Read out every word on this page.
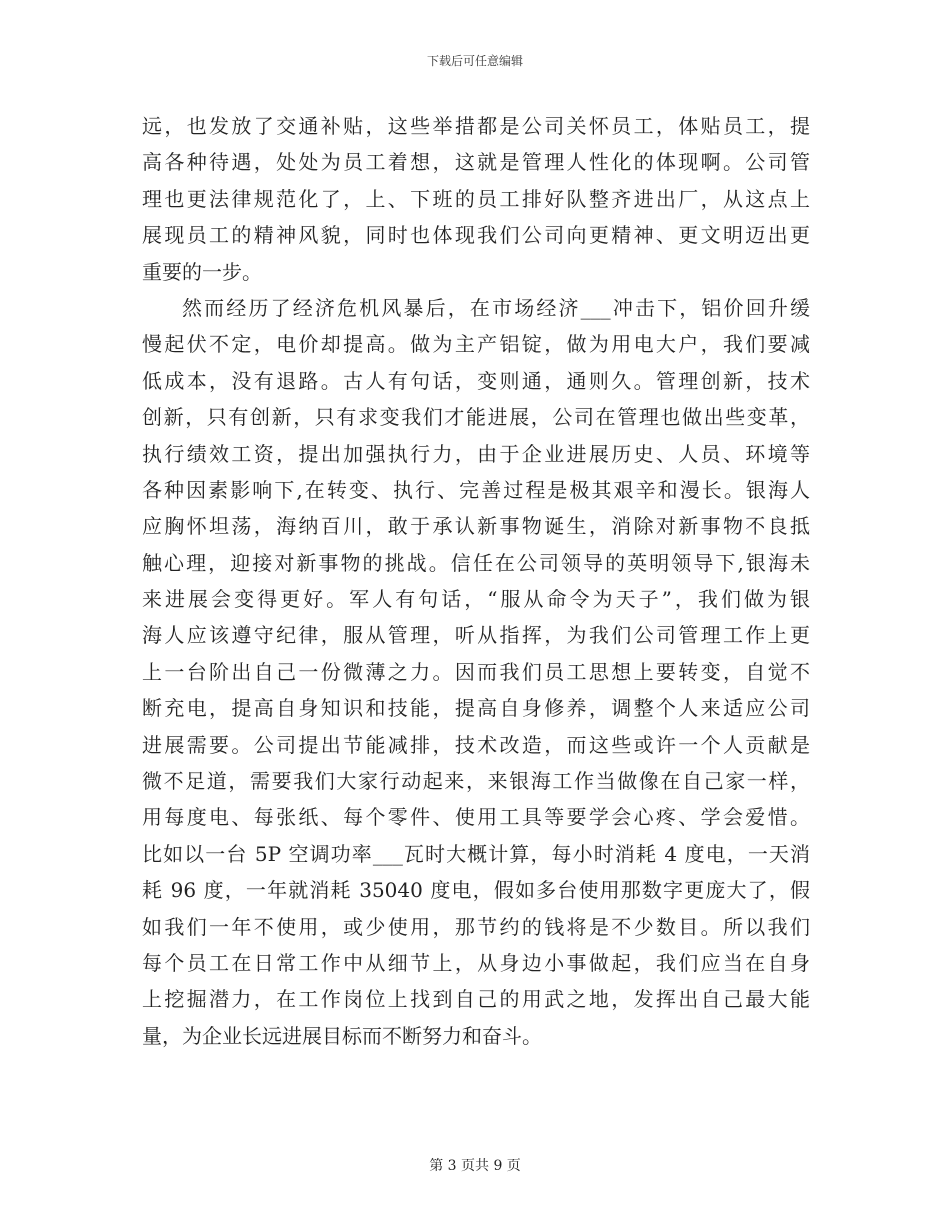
下载后可任意编辑
远，也发放了交通补贴，这些举措都是公司关怀员工，体贴员工，提
高各种待遇，处处为员工着想，这就是管理人性化的体现啊。公司管
理也更法律规范化了，上、下班的员工排好队整齐进出厂，从这点上
展现员工的精神风貌，同时也体现我们公司向更精神、更文明迈出更
重要的一步。
然而经历了经济危机风暴后，在市场经济___冲击下，铝价回升缓
慢起伏不定，电价却提高。做为主产铝锭，做为用电大户，我们要减
低成本，没有退路。古人有句话，变则通，通则久。管理创新，技术
创新，只有创新，只有求变我们才能进展，公司在管理也做出些变革，
执行绩效工资，提出加强执行力，由于企业进展历史、人员、环境等
各种因素影响下,在转变、执行、完善过程是极其艰辛和漫长。银海人
应胸怀坦荡，海纳百川，敢于承认新事物诞生，消除对新事物不良抵
触心理，迎接对新事物的挑战。信任在公司领导的英明领导下,银海未
来进展会变得更好。军人有句话，“服从命令为天子”，我们做为银
海人应该遵守纪律，服从管理，听从指挥，为我们公司管理工作上更
上一台阶出自己一份微薄之力。因而我们员工思想上要转变，自觉不
断充电，提高自身知识和技能，提高自身修养，调整个人来适应公司
进展需要。公司提出节能减排，技术改造，而这些或许一个人贡献是
微不足道，需要我们大家行动起来，来银海工作当做像在自己家一样，
用每度电、每张纸、每个零件、使用工具等要学会心疼、学会爱惜。
比如以一台 5P 空调功率___瓦时大概计算，每小时消耗 4 度电，一天消
耗 96 度，一年就消耗 35040 度电，假如多台使用那数字更庞大了，假
如我们一年不使用，或少使用，那节约的钱将是不少数目。所以我们
每个员工在日常工作中从细节上，从身边小事做起，我们应当在自身
上挖掘潜力，在工作岗位上找到自己的用武之地，发挥出自己最大能
量，为企业长远进展目标而不断努力和奋斗。
第 3 页共 9 页
